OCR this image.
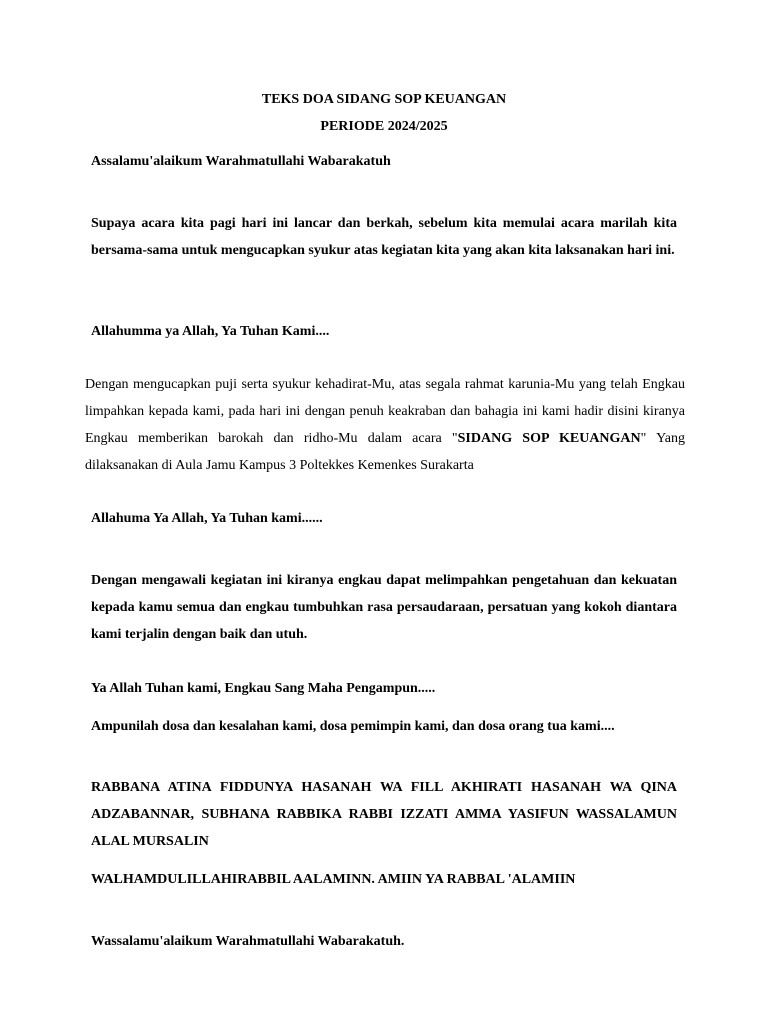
TEKS DOA SIDANG SOP KEUANGAN
PERIODE 2024/2025

Assalamu'alaikum Warahmatullahi Wabarakatuh

Supaya acara kita pagi hari ini lancar dan berkah, sebelum kita memulai acara marilah kita bersama-sama untuk mengucapkan syukur atas kegiatan kita yang akan kita laksanakan hari ini.

Allahumma ya Allah, Ya Tuhan Kami....

Dengan mengucapkan puji serta syukur kehadirat-Mu, atas segala rahmat karunia-Mu yang telah Engkau limpahkan kepada kami, pada hari ini dengan penuh keakraban dan bahagia ini kami hadir disini kiranya Engkau memberikan barokah dan ridho-Mu dalam acara "SIDANG SOP KEUANGAN" Yang dilaksanakan di Aula Jamu Kampus 3 Poltekkes Kemenkes Surakarta

Allahuma Ya Allah, Ya Tuhan kami......

Dengan mengawali kegiatan ini kiranya engkau dapat melimpahkan pengetahuan dan kekuatan kepada kamu semua dan engkau tumbuhkan rasa persaudaraan, persatuan yang kokoh diantara kami terjalin dengan baik dan utuh.

Ya Allah Tuhan kami, Engkau Sang Maha Pengampun.....

Ampunilah dosa dan kesalahan kami, dosa pemimpin kami, dan dosa orang tua kami....

RABBANA ATINA FIDDUNYA HASANAH WA FILL AKHIRATI HASANAH WA QINA ADZABANNAR, SUBHANA RABBIKA RABBI IZZATI AMMA YASIFUN WASSALAMUN ALAL MURSALIN

WALHAMDULILLAHIRABBIL AALAMINN. AMIIN YA RABBAL 'ALAMIIN

Wassalamu'alaikum Warahmatullahi Wabarakatuh.
